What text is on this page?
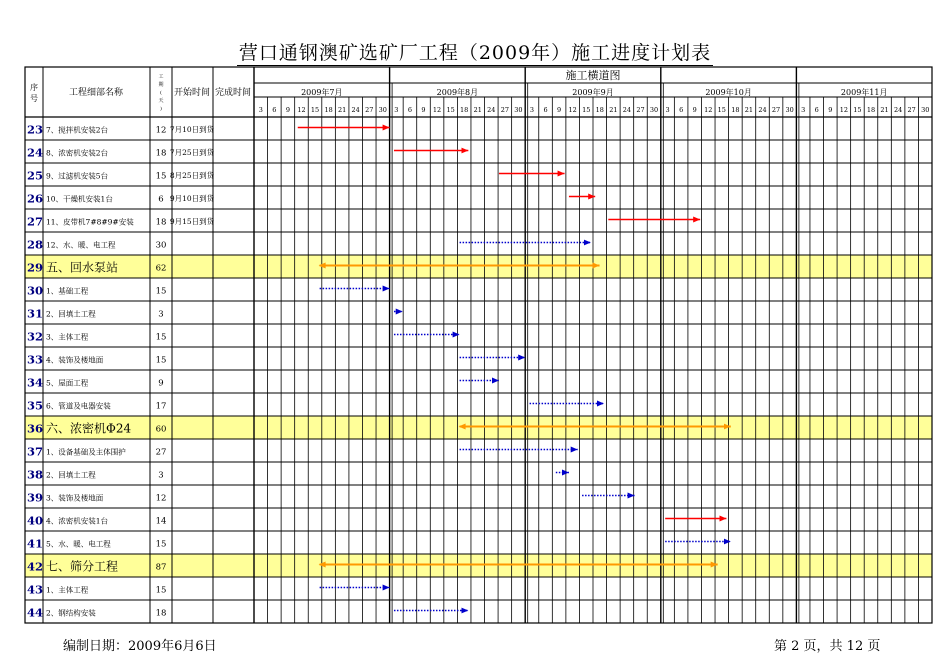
营口通钢澳矿选矿厂工程（2009年）施工进度计划表
序
号
工程细部名称
工
期
(
天
)
开始时间 完成时间
施工横道图
2009年7月
3 6 9 12 15 18 21 24 27 30
2009年8月
3 6 9 12 15 18 21 24 27 30
2009年9月
3 6 9 12 15 18 21 24 27 30
2009年10月
3 6 9 12 15 18 21 24 27 30
2009年11月
3 6 9 12 15 18 21 24 27 30
23 7、搅拌机安装2台	12 7月10日到货
24 8、浓密机安装2台	18 7月25日到货
25 9、过滤机安装5台	15 8月25日到货
26 10、干燥机安装1台	6 9月10日到货
27 11、皮带机7#8#9#安装	18 9月15日到货
28 12、水、暖、电工程	30
29 五、回水泵站	62
30 1、基础工程	15
31 2、回填土工程	3
32 3、主体工程	15
33 4、装饰及楼地面	15
34 5、屋面工程	9
35 6、管道及电器安装	17
36 六、浓密机Φ24	60
37 1、设备基础及主体围护	27
38 2、回填土工程	3
39 3、装饰及楼地面	12
40 4、浓密机安装1台	14
41 5、水、暖、电工程	15
42 七、筛分工程	87
43 1、主体工程	15
44 2、钢结构安装	18
编制日期：2009年6月6日	第 2 页，共 12 页
